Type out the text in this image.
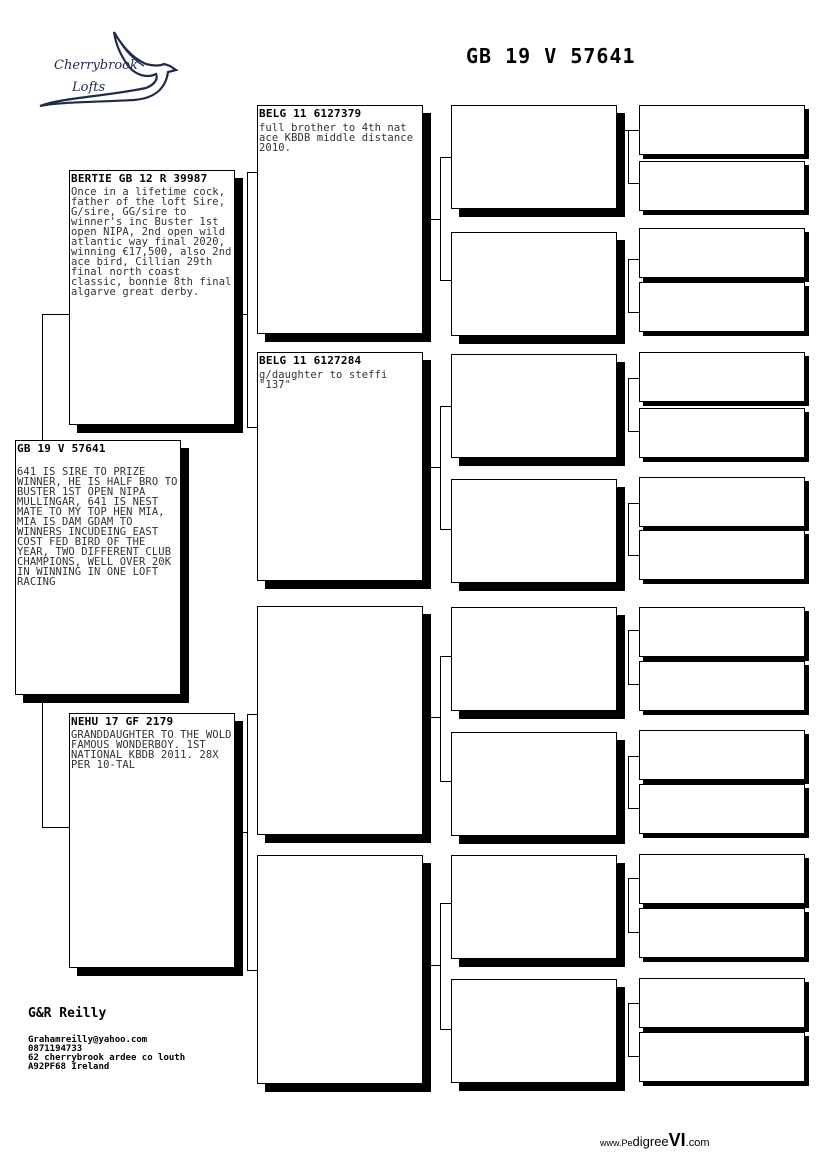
Cherrybrook
Lofts
GB 19 V 57641
GB 19 V 57641
641 IS SIRE TO PRIZE WINNER, HE IS HALF BRO TO BUSTER 1ST OPEN NIPA MULLINGAR, 641 IS NEST MATE TO MY TOP HEN MIA, MIA IS DAM GDAM TO WINNERS INCUDEING EAST COST FED BIRD OF THE YEAR, TWO DIFFERENT CLUB CHAMPIONS, WELL OVER 20K IN WINNING IN ONE LOFT RACING
BERTIE GB 12 R 39987
Once in a lifetime cock, father of the loft Sire, G/sire, GG/sire to winner's inc Buster 1st open NIPA, 2nd open wild atlantic way final 2020, winning €17,500, also 2nd ace bird, Cillian 29th final north coast classic, bonnie 8th final algarve great derby.
NEHU 17 GF 2179
GRANDDAUGHTER TO THE WOLD FAMOUS WONDERBOY. 1ST NATIONAL KBDB 2011. 28X PER 10-TAL
BELG 11 6127379
full brother to 4th nat ace KBDB middle distance 2010.
BELG 11 6127284
g/daughter to steffi "137"
G&R Reilly
Grahamreilly@yahoo.com
0871194733
62 cherrybrook ardee co louth
A92PF68 Ireland
www.PedigreeVI.com
